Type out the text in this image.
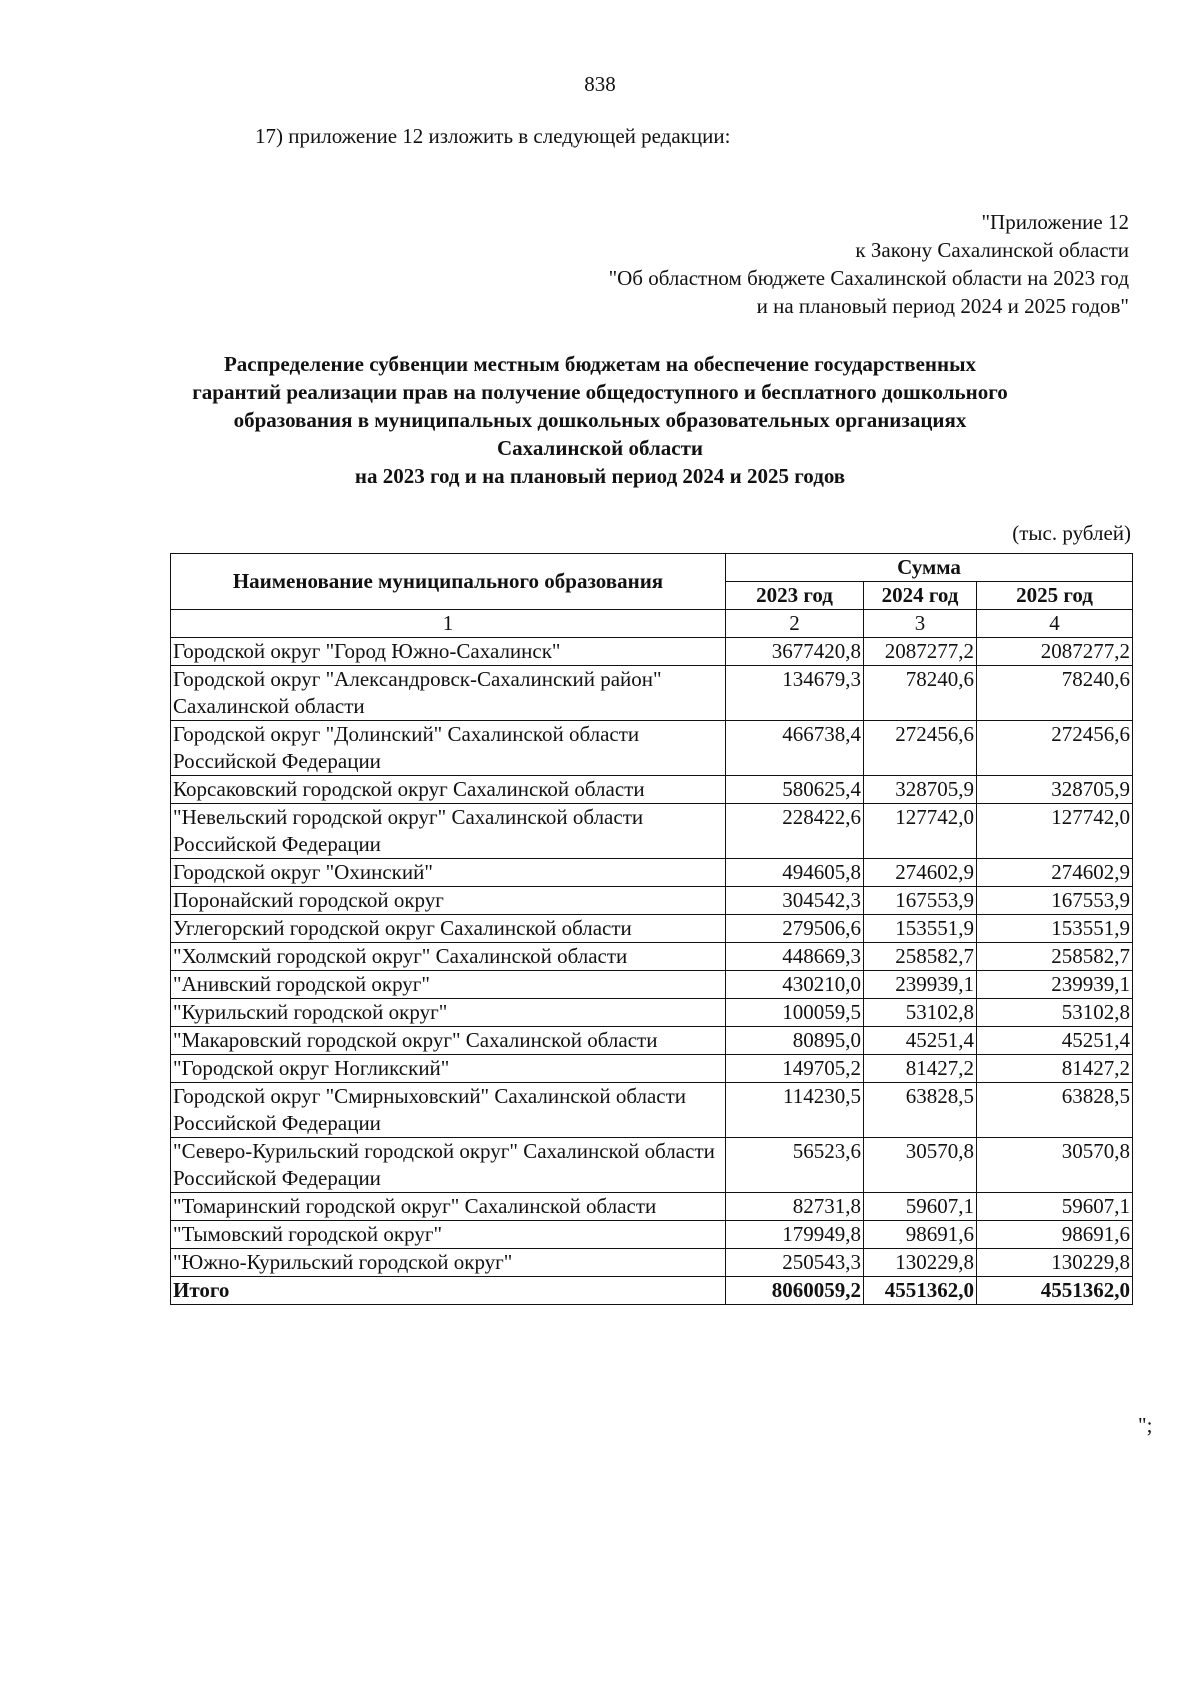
838
17) приложение 12 изложить в следующей редакции:
"Приложение 12
к Закону Сахалинской области
"Об областном бюджете Сахалинской области на 2023 год
и на плановый период 2024 и 2025 годов"
Распределение субвенции местным бюджетам на обеспечение государственных
гарантий реализации прав на получение общедоступного и бесплатного дошкольного
образования в муниципальных дошкольных образовательных организациях
Сахалинской области
на 2023 год и на плановый период 2024 и 2025 годов
(тыс. рублей)
Наименование муниципального образования	Сумма		
	2023 год	2024 год	2025 год
1	2	3	4
Городской округ "Город Южно-Сахалинск"	3677420,8	2087277,2	2087277,2
Городской округ "Александровск-Сахалинский район" Сахалинской области	134679,3	78240,6	78240,6
Городской округ "Долинский" Сахалинской области Российской Федерации	466738,4	272456,6	272456,6
Корсаковский городской округ Сахалинской области	580625,4	328705,9	328705,9
"Невельский городской округ" Сахалинской области Российской Федерации	228422,6	127742,0	127742,0
Городской округ "Охинский"	494605,8	274602,9	274602,9
Поронайский городской округ	304542,3	167553,9	167553,9
Углегорский городской округ Сахалинской области	279506,6	153551,9	153551,9
"Холмский городской округ" Сахалинской области	448669,3	258582,7	258582,7
"Анивский городской округ"	430210,0	239939,1	239939,1
"Курильский городской округ"	100059,5	53102,8	53102,8
"Макаровский городской округ" Сахалинской области	80895,0	45251,4	45251,4
"Городской округ Ногликский"	149705,2	81427,2	81427,2
Городской округ "Смирныховский" Сахалинской области Российской Федерации	114230,5	63828,5	63828,5
"Северо-Курильский городской округ" Сахалинской области Российской Федерации	56523,6	30570,8	30570,8
"Томаринский городской округ" Сахалинской области	82731,8	59607,1	59607,1
"Тымовский городской округ"	179949,8	98691,6	98691,6
"Южно-Курильский городской округ"	250543,3	130229,8	130229,8
Итого	8060059,2	4551362,0	4551362,0
";
